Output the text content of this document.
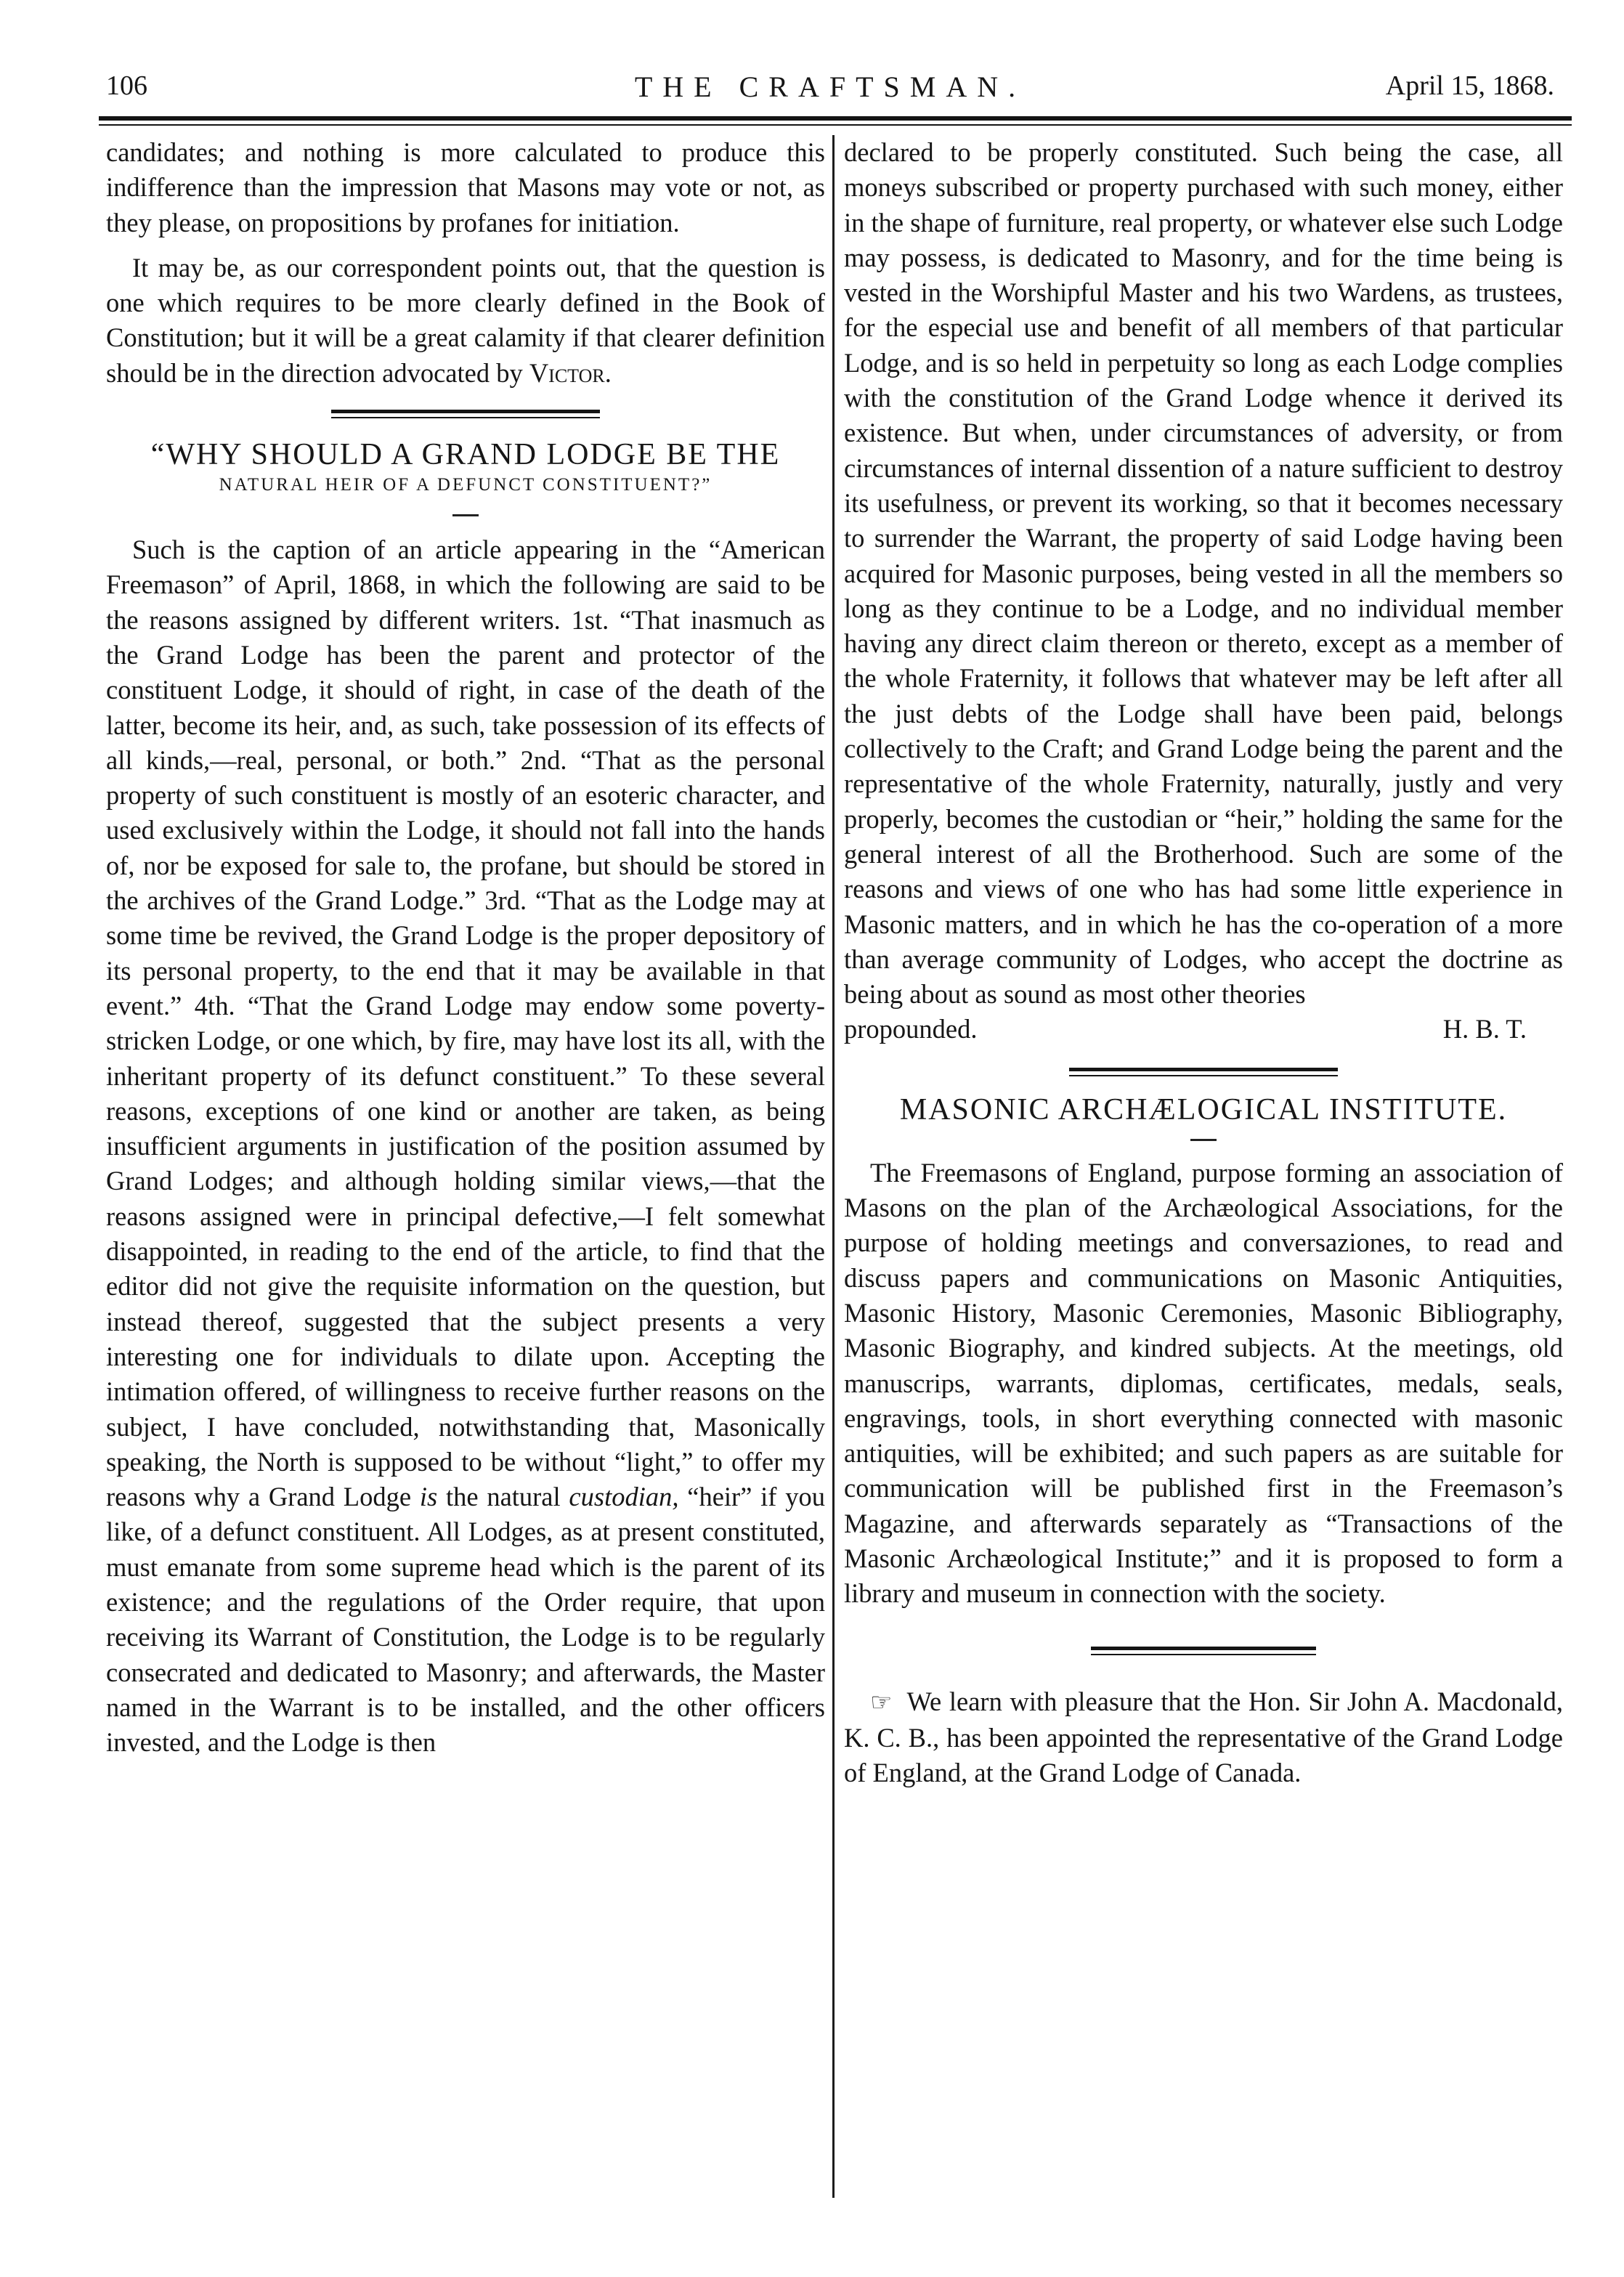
106	THE CRAFTSMAN.	April 15, 1868.

candidates; and nothing is more calculated to produce this indifference than the impression that Masons may vote or not, as they please, on propositions by profanes for initiation.

It may be, as our correspondent points out, that the question is one which requires to be more clearly defined in the Book of Constitution; but it will be a great calamity if that clearer definition should be in the direction advocated by Victor.

“WHY SHOULD A GRAND LODGE BE THE
NATURAL HEIR OF A DEFUNCT CONSTITUENT?”

Such is the caption of an article appearing in the “American Freemason” of April, 1868, in which the following are said to be the reasons assigned by different writers. 1st. “That inasmuch as the Grand Lodge has been the parent and protector of the constituent Lodge, it should of right, in case of the death of the latter, become its heir, and, as such, take possession of its effects of all kinds,—real, personal, or both.” 2nd. “That as the personal property of such constituent is mostly of an esoteric character, and used exclusively within the Lodge, it should not fall into the hands of, nor be exposed for sale to, the profane, but should be stored in the archives of the Grand Lodge.” 3rd. “That as the Lodge may at some time be revived, the Grand Lodge is the proper depository of its personal property, to the end that it may be available in that event.” 4th. “That the Grand Lodge may endow some poverty-stricken Lodge, or one which, by fire, may have lost its all, with the inheritant property of its defunct constituent.” To these several reasons, exceptions of one kind or another are taken, as being insufficient arguments in justification of the position assumed by Grand Lodges; and although holding similar views,—that the reasons assigned were in principal defective,—I felt somewhat disappointed, in reading to the end of the article, to find that the editor did not give the requisite information on the question, but instead thereof, suggested that the subject presents a very interesting one for individuals to dilate upon. Accepting the intimation offered, of willingness to receive further reasons on the subject, I have concluded, notwithstanding that, Masonically speaking, the North is supposed to be without “light,” to offer my reasons why a Grand Lodge is the natural custodian, “heir” if you like, of a defunct constituent. All Lodges, as at present constituted, must emanate from some supreme head which is the parent of its existence; and the regulations of the Order require, that upon receiving its Warrant of Constitution, the Lodge is to be regularly consecrated and dedicated to Masonry; and afterwards, the Master named in the Warrant is to be installed, and the other officers invested, and the Lodge is then

declared to be properly constituted. Such being the case, all moneys subscribed or property purchased with such money, either in the shape of furniture, real property, or whatever else such Lodge may possess, is dedicated to Masonry, and for the time being is vested in the Worshipful Master and his two Wardens, as trustees, for the especial use and benefit of all members of that particular Lodge, and is so held in perpetuity so long as each Lodge complies with the constitution of the Grand Lodge whence it derived its existence. But when, under circumstances of adversity, or from circumstances of internal dissention of a nature sufficient to destroy its usefulness, or prevent its working, so that it becomes necessary to surrender the Warrant, the property of said Lodge having been acquired for Masonic purposes, being vested in all the members so long as they continue to be a Lodge, and no individual member having any direct claim thereon or thereto, except as a member of the whole Fraternity, it follows that whatever may be left after all the just debts of the Lodge shall have been paid, belongs collectively to the Craft; and Grand Lodge being the parent and the representative of the whole Fraternity, naturally, justly and very properly, becomes the custodian or “heir,” holding the same for the general interest of all the Brotherhood. Such are some of the reasons and views of one who has had some little experience in Masonic matters, and in which he has the co-operation of a more than average community of Lodges, who accept the doctrine as being about as sound as most other theories

propounded.	H. B. T.
MASONIC ARCHÆLOGICAL INSTITUTE.

The Freemasons of England, purpose forming an association of Masons on the plan of the Archæological Associations, for the purpose of holding meetings and conversaziones, to read and discuss papers and communications on Masonic Antiquities, Masonic History, Masonic Ceremonies, Masonic Bibliography, Masonic Biography, and kindred subjects. At the meetings, old manuscrips, warrants, diplomas, certificates, medals, seals, engravings, tools, in short everything connected with masonic antiquities, will be exhibited; and such papers as are suitable for communication will be published first in the Freemason’s Magazine, and afterwards separately as “Transactions of the Masonic Archæological Institute;” and it is proposed to form a library and museum in connection with the society.

☞ We learn with pleasure that the Hon. Sir John A. Macdonald, K. C. B., has been appointed the representative of the Grand Lodge of England, at the Grand Lodge of Canada.
